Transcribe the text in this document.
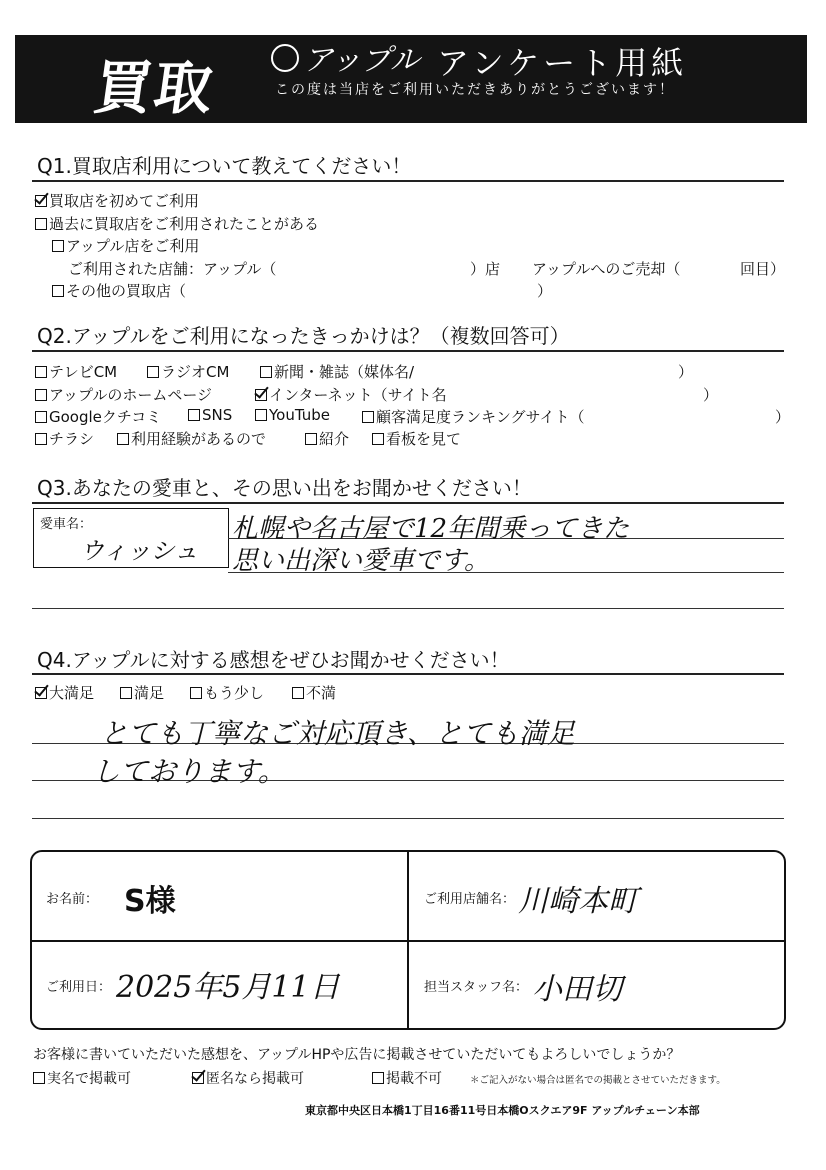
買取	アップル アンケート用紙
この度は当店をご利用いただきありがとうございます！
Q1.買取店利用について教えてください！
買取店を初めてご利用
過去に買取店をご利用されたことがある
アップル店をご利用
ご利用された店舗：アップル（	）店 アップルへのご売却（	回目）
その他の買取店（	）
Q2.アップルをご利用になったきっかけは？（複数回答可）
テレビCM	ラジオCM	新聞・雑誌（媒体名/	）
アップルのホームページ	インターネット（サイト名	）
Googleクチコミ	SNS	YouTube	顧客満足度ランキングサイト（	）
チラシ	利用経験があるので	紹介	看板を見て
Q3.あなたの愛車と、その思い出をお聞かせください！
愛車名：
ウィッシュ
札幌や名古屋で12年間乗ってきた
思い出深い愛車です。
Q4.アップルに対する感想をぜひお聞かせください！
大満足	満足	もう少し	不満
とても丁寧なご対応頂き、とても満足
しております。
お名前： S様	ご利用店舗名： 川崎本町
ご利用日： 2025年5月11日	担当スタッフ名： 小田切
お客様に書いていただいた感想を、アップルHPや広告に掲載させていただいてもよろしいでしょうか？
実名で掲載可	匿名なら掲載可	掲載不可	＊ご記入がない場合は匿名での掲載とさせていただきます。
東京都中央区日本橋1丁目16番11号日本橋Oスクエア9F アップルチェーン本部
